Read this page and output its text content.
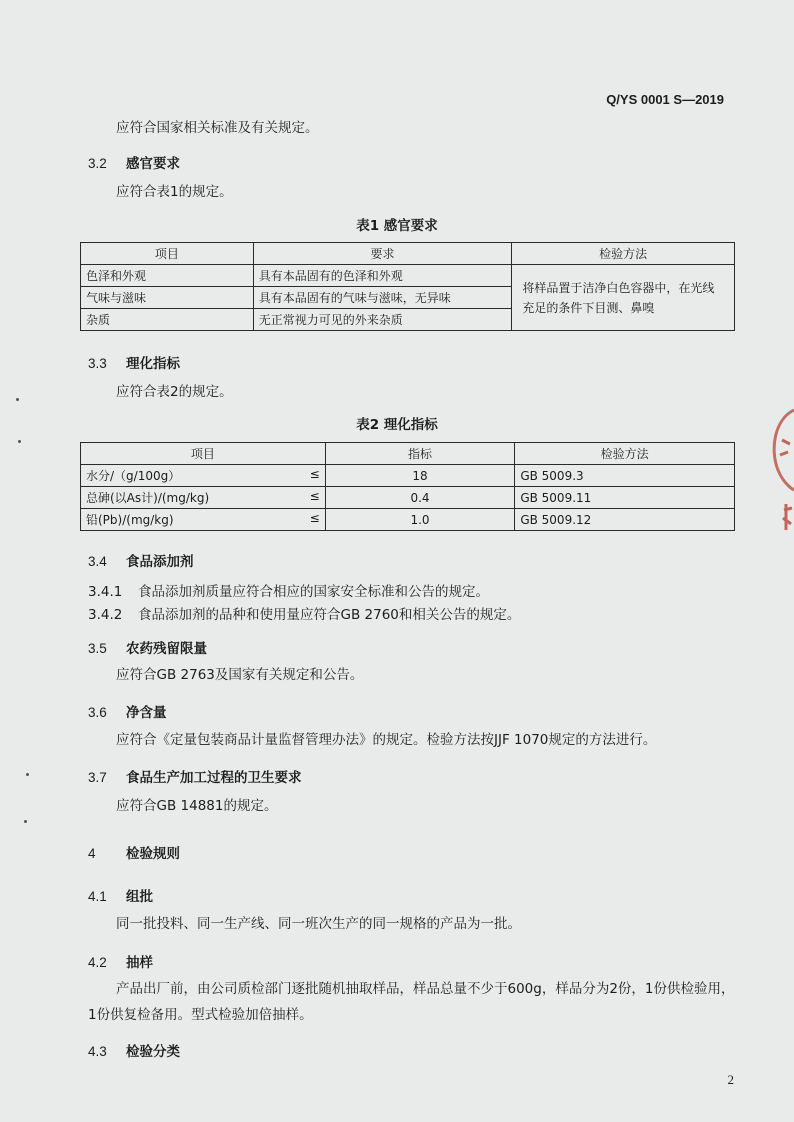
Q/YS 0001 S—2019
应符合国家相关标准及有关规定。
3.2 感官要求
应符合表1的规定。
表1 感官要求
项目	要求	检验方法
色泽和外观	具有本品固有的色泽和外观	将样品置于洁净白色容器中，在光线充足的条件下目测、鼻嗅
气味与滋味	具有本品固有的气味与滋味，无异味	
杂质	无正常视力可见的外来杂质	
3.3 理化指标
应符合表2的规定。
表2 理化指标
项目	指标	检验方法
水分/（g/100g） ≤	18	GB 5009.3
总砷(以As计)/(mg/kg) ≤	0.4	GB 5009.11
铅(Pb)/(mg/kg) ≤	1.0	GB 5009.12
3.4 食品添加剂
3.4.1 食品添加剂质量应符合相应的国家安全标准和公告的规定。
3.4.2 食品添加剂的品种和使用量应符合GB 2760和相关公告的规定。
3.5 农药残留限量
应符合GB 2763及国家有关规定和公告。
3.6 净含量
应符合《定量包装商品计量监督管理办法》的规定。检验方法按JJF 1070规定的方法进行。
3.7 食品生产加工过程的卫生要求
应符合GB 14881的规定。
4 检验规则
4.1 组批
同一批投料、同一生产线、同一班次生产的同一规格的产品为一批。
4.2 抽样
产品出厂前，由公司质检部门逐批随机抽取样品，样品总量不少于600g，样品分为2份，1份供检验用，1份供复检备用。型式检验加倍抽样。
4.3 检验分类
2
